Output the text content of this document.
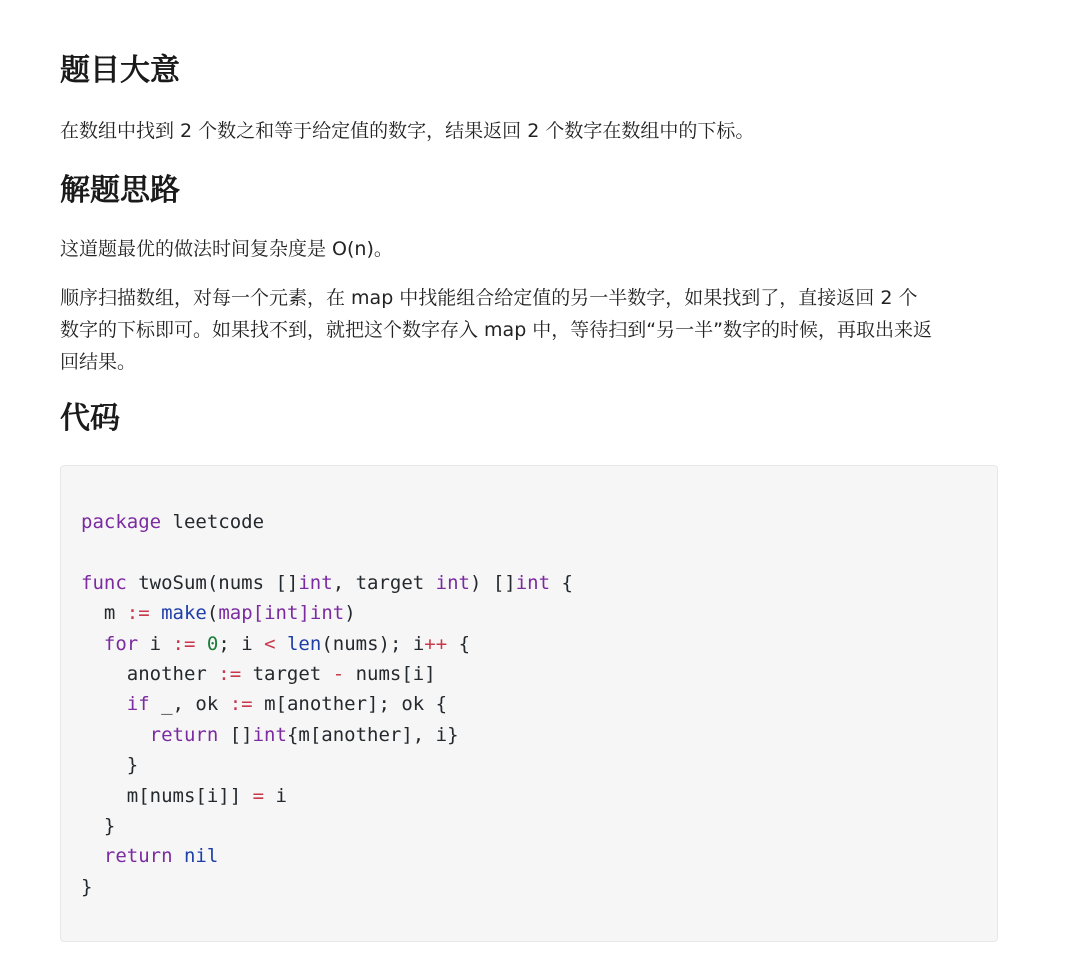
题目大意

在数组中找到 2 个数之和等于给定值的数字，结果返回 2 个数字在数组中的下标。

解题思路

这道题最优的做法时间复杂度是 O(n)。

顺序扫描数组，对每一个元素，在 map 中找能组合给定值的另一半数字，如果找到了，直接返回 2 个
数字的下标即可。如果找不到，就把这个数字存入 map 中，等待扫到“另一半”数字的时候，再取出来返
回结果。

代码
package leetcode

func twoSum(nums []int, target int) []int {
m := make(map[int]int)
for i := 0; i < len(nums); i++ {
another := target - nums[i]
if _, ok := m[another]; ok {
return []int{m[another], i}
}
m[nums[i]] = i
}
return nil
}
